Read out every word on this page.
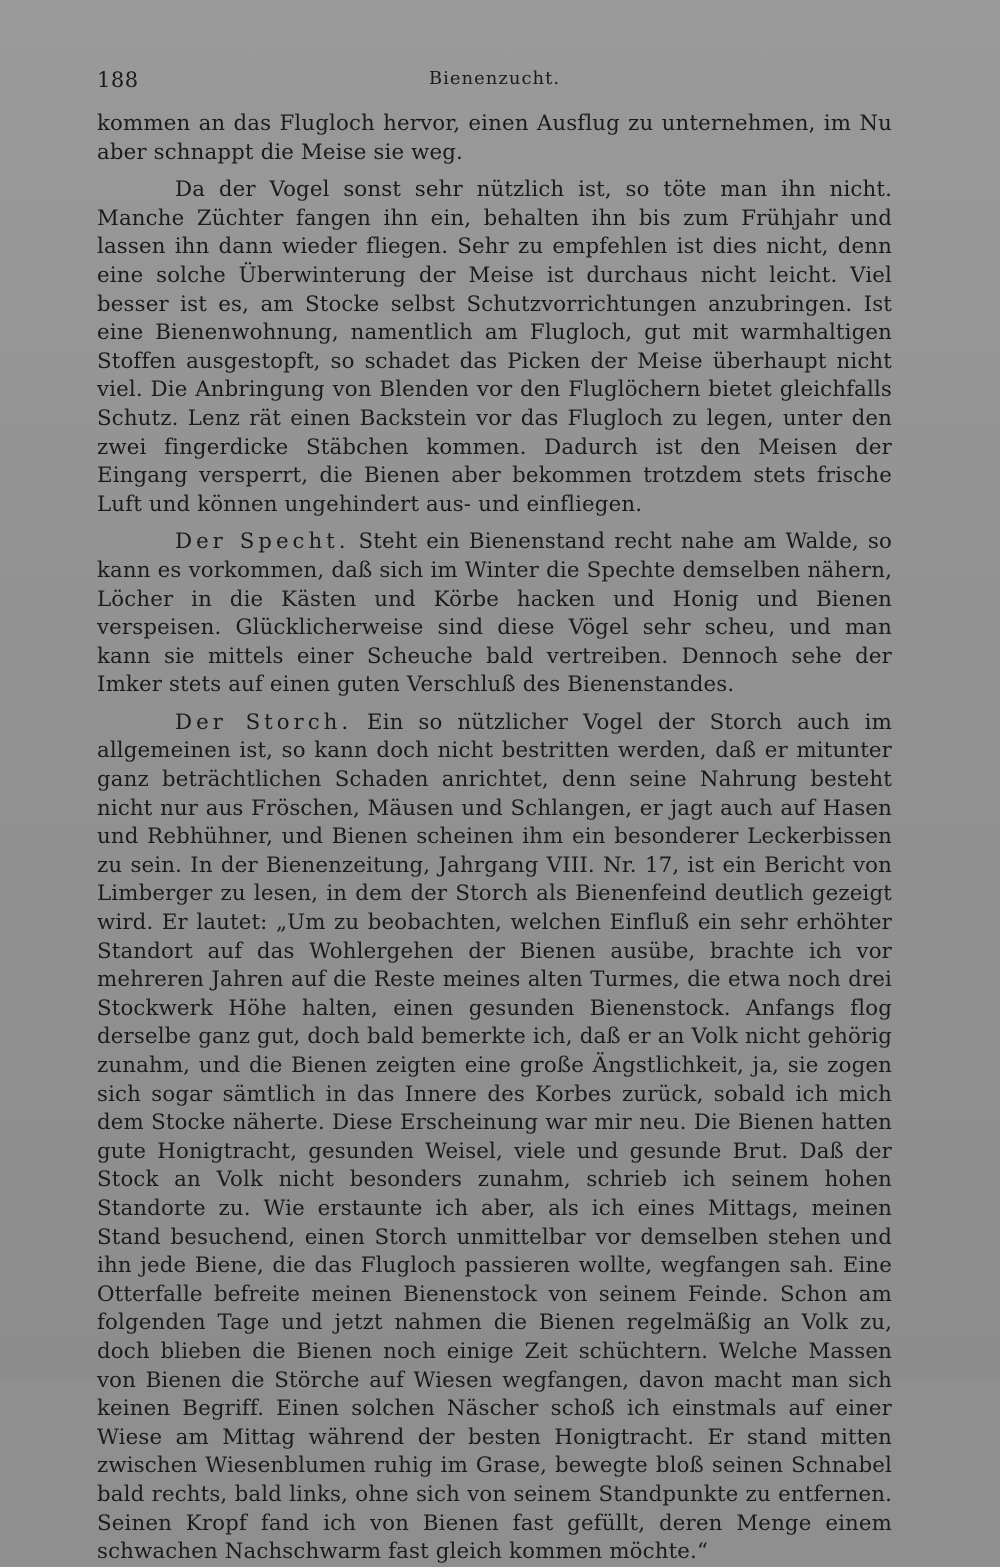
188	Bienenzucht.

kommen an das Flugloch hervor, einen Ausflug zu unternehmen, im Nu aber schnappt die Meise sie weg.

Da der Vogel sonst sehr nützlich ist, so töte man ihn nicht. Manche Züchter fangen ihn ein, behalten ihn bis zum Frühjahr und lassen ihn dann wieder fliegen. Sehr zu empfehlen ist dies nicht, denn eine solche Überwinterung der Meise ist durchaus nicht leicht. Viel besser ist es, am Stocke selbst Schutzvorrichtungen anzubringen. Ist eine Bienenwohnung, namentlich am Flugloch, gut mit warmhaltigen Stoffen ausgestopft, so schadet das Picken der Meise überhaupt nicht viel. Die Anbringung von Blenden vor den Fluglöchern bietet gleichfalls Schutz. Lenz rät einen Backstein vor das Flugloch zu legen, unter den zwei fingerdicke Stäbchen kommen. Dadurch ist den Meisen der Eingang versperrt, die Bienen aber bekommen trotzdem stets frische Luft und können ungehindert aus- und einfliegen.

Der Specht. Steht ein Bienenstand recht nahe am Walde, so kann es vorkommen, daß sich im Winter die Spechte demselben nähern, Löcher in die Kästen und Körbe hacken und Honig und Bienen verspeisen. Glücklicherweise sind diese Vögel sehr scheu, und man kann sie mittels einer Scheuche bald vertreiben. Dennoch sehe der Imker stets auf einen guten Verschluß des Bienenstandes.

Der Storch. Ein so nützlicher Vogel der Storch auch im allgemeinen ist, so kann doch nicht bestritten werden, daß er mitunter ganz beträchtlichen Schaden anrichtet, denn seine Nahrung besteht nicht nur aus Fröschen, Mäusen und Schlangen, er jagt auch auf Hasen und Rebhühner, und Bienen scheinen ihm ein besonderer Leckerbissen zu sein. In der Bienenzeitung, Jahrgang VIII. Nr. 17, ist ein Bericht von Limberger zu lesen, in dem der Storch als Bienenfeind deutlich gezeigt wird. Er lautet: „Um zu beobachten, welchen Einfluß ein sehr erhöhter Standort auf das Wohlergehen der Bienen ausübe, brachte ich vor mehreren Jahren auf die Reste meines alten Turmes, die etwa noch drei Stockwerk Höhe halten, einen gesunden Bienenstock. Anfangs flog derselbe ganz gut, doch bald bemerkte ich, daß er an Volk nicht gehörig zunahm, und die Bienen zeigten eine große Ängstlichkeit, ja, sie zogen sich sogar sämtlich in das Innere des Korbes zurück, sobald ich mich dem Stocke näherte. Diese Erscheinung war mir neu. Die Bienen hatten gute Honigtracht, gesunden Weisel, viele und gesunde Brut. Daß der Stock an Volk nicht besonders zunahm, schrieb ich seinem hohen Standorte zu. Wie erstaunte ich aber, als ich eines Mittags, meinen Stand besuchend, einen Storch unmittelbar vor demselben stehen und ihn jede Biene, die das Flugloch passieren wollte, wegfangen sah. Eine Otterfalle befreite meinen Bienenstock von seinem Feinde. Schon am folgenden Tage und jetzt nahmen die Bienen regelmäßig an Volk zu, doch blieben die Bienen noch einige Zeit schüchtern. Welche Massen von Bienen die Störche auf Wiesen wegfangen, davon macht man sich keinen Begriff. Einen solchen Näscher schoß ich einstmals auf einer Wiese am Mittag während der besten Honigtracht. Er stand mitten zwischen Wiesenblumen ruhig im Grase, bewegte bloß seinen Schnabel bald rechts, bald links, ohne sich von seinem Standpunkte zu entfernen. Seinen Kropf fand ich von Bienen fast gefüllt, deren Menge einem schwachen Nachschwarm fast gleich kommen möchte.“
